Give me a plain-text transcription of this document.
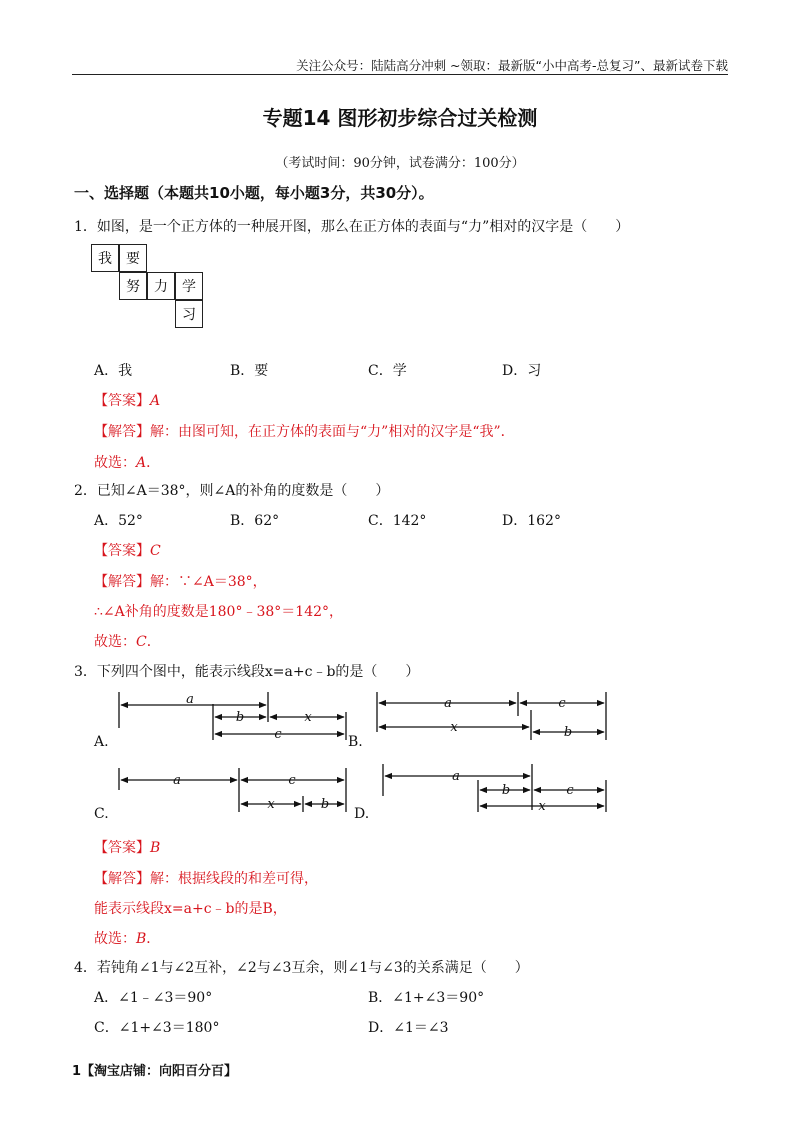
关注公众号：陆陆高分冲刺 ~领取：最新版“小中高考-总复习”、最新试卷下载
专题14 图形初步综合过关检测
（考试时间：90分钟，试卷满分：100分）
一、选择题（本题共10小题，每小题3分，共30分）。
1．如图，是一个正方体的一种展开图，那么在正方体的表面与“力”相对的汉字是（　　）
我	要
努	力	学
习
A．我	B．要	C．学	D．习
【答案】A
【解答】解：由图可知，在正方体的表面与“力”相对的汉字是“我”．
故选：A．
2．已知∠A＝38°，则∠A的补角的度数是（　　）
A．52°	B．62°	C．142°	D．162°
【答案】C
【解答】解：∵∠A＝38°，
∴∠A补角的度数是180°﹣38°＝142°，
故选：C．
3．下列四个图中，能表示线段x=a+c﹣b的是（　　）
A.	B.
C.	D.
a
b	x
c
a	c
x	b
a	c
x	b
a
b	c
x
【答案】B
【解答】解：根据线段的和差可得，
能表示线段x=a+c﹣b的是B，
故选：B．
4．若钝角∠1与∠2互补，∠2与∠3互余，则∠1与∠3的关系满足（　　）
A．∠1﹣∠3＝90°	B．∠1+∠3＝90°
C．∠1+∠3＝180°	D．∠1＝∠3
1【淘宝店铺：向阳百分百】
